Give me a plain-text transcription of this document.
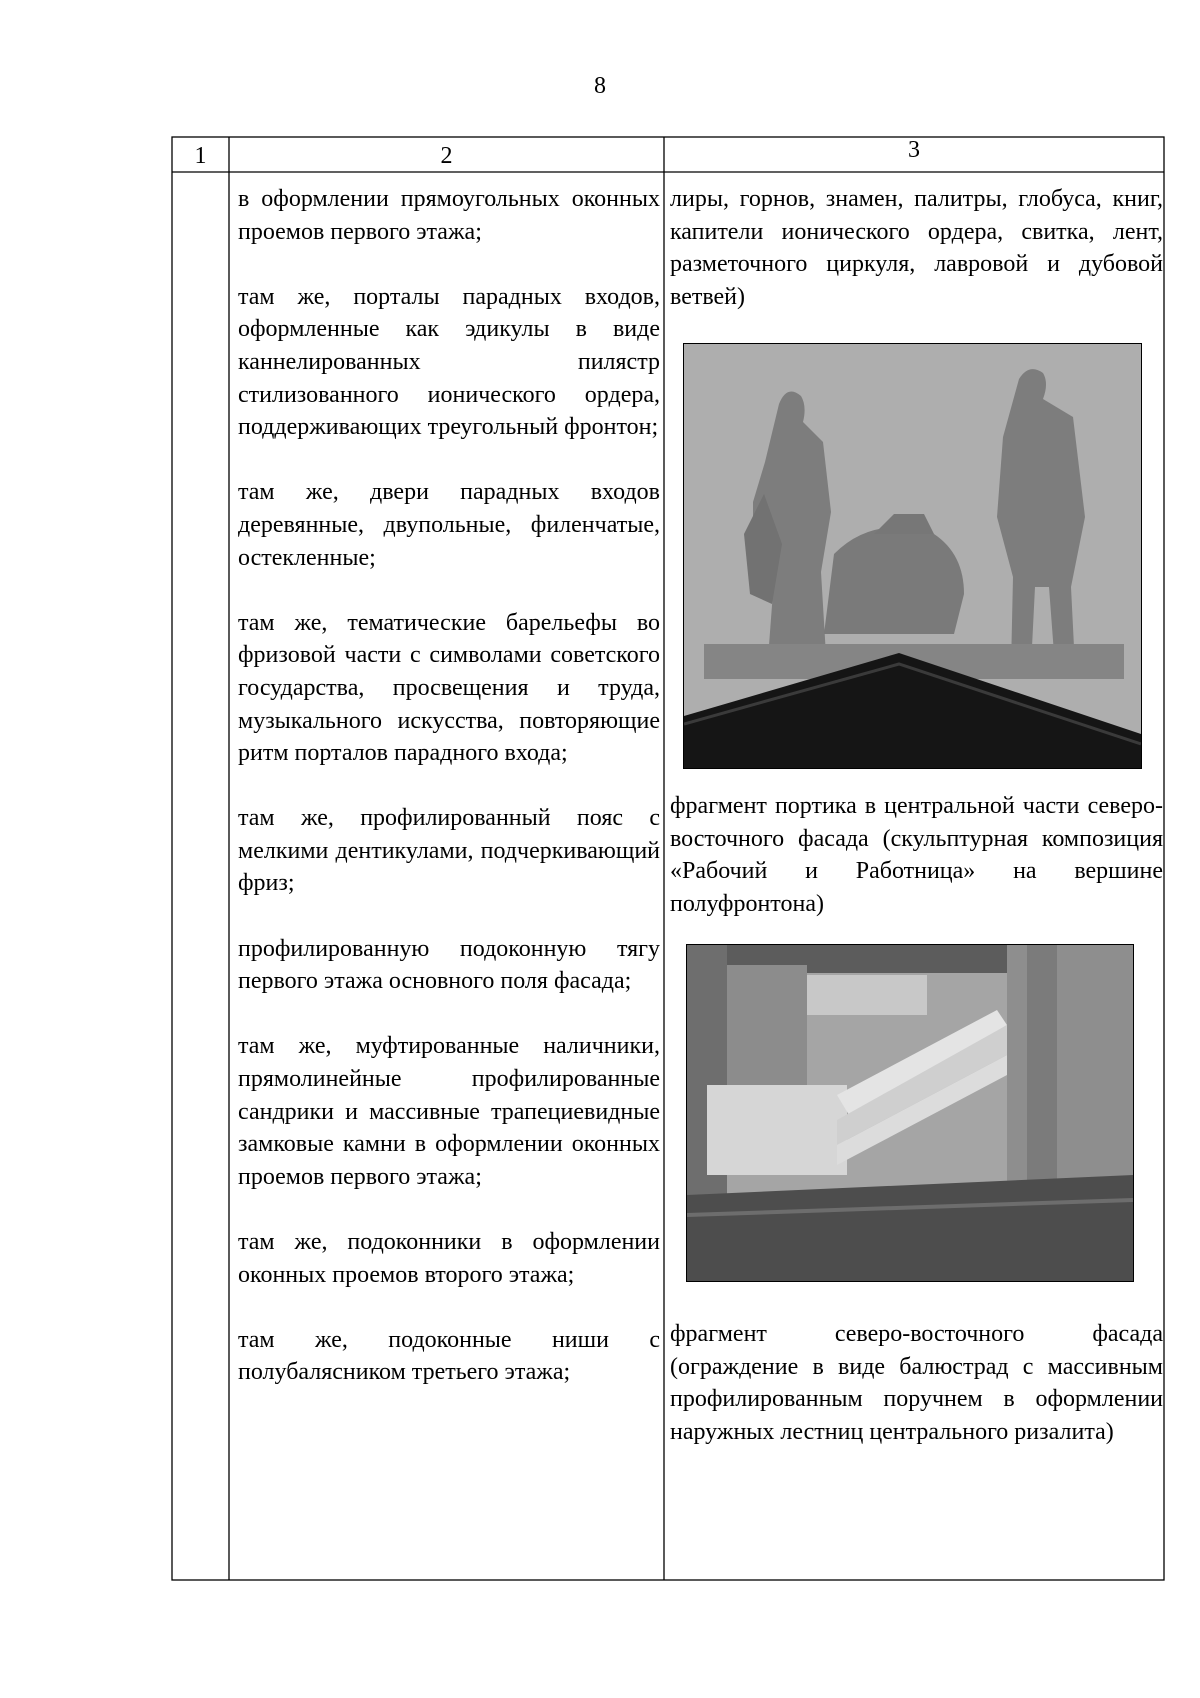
8
1	2	3

в оформлении прямоугольных оконных проемов первого этажа;

там же, порталы парадных входов, оформленные как эдикулы в виде каннелированных пилястр стилизованного ионического ордера, поддерживающих треугольный фронтон;

там же, двери парадных входов деревянные, двупольные, филенчатые, остекленные;

там же, тематические барельефы во фризовой части с символами советского государства, просвещения и труда, музыкального искусства, повторяющие ритм порталов парадного входа;

там же, профилированный пояс с мелкими дентикулами, подчеркивающий фриз;

профилированную подоконную тягу первого этажа основного поля фасада;

там же, муфтированные наличники, прямолинейные профилированные сандрики и массивные трапециевидные замковые камни в оформлении оконных проемов первого этажа;

там же, подоконники в оформлении оконных проемов второго этажа;

там же, подоконные ниши с полубалясником третьего этажа;

лиры, горнов, знамен, палитры, глобуса, книг, капители ионического ордера, свитка, лент, разметочного циркуля, лавровой и дубовой ветвей)
фрагмент портика в центральной части северо-восточного фасада (скульптурная композиция «Рабочий и Работница» на вершине полуфронтона)
фрагмент северо-восточного фасада (ограждение в виде балюстрад с массивным профилированным поручнем в оформлении наружных лестниц центрального ризалита)
